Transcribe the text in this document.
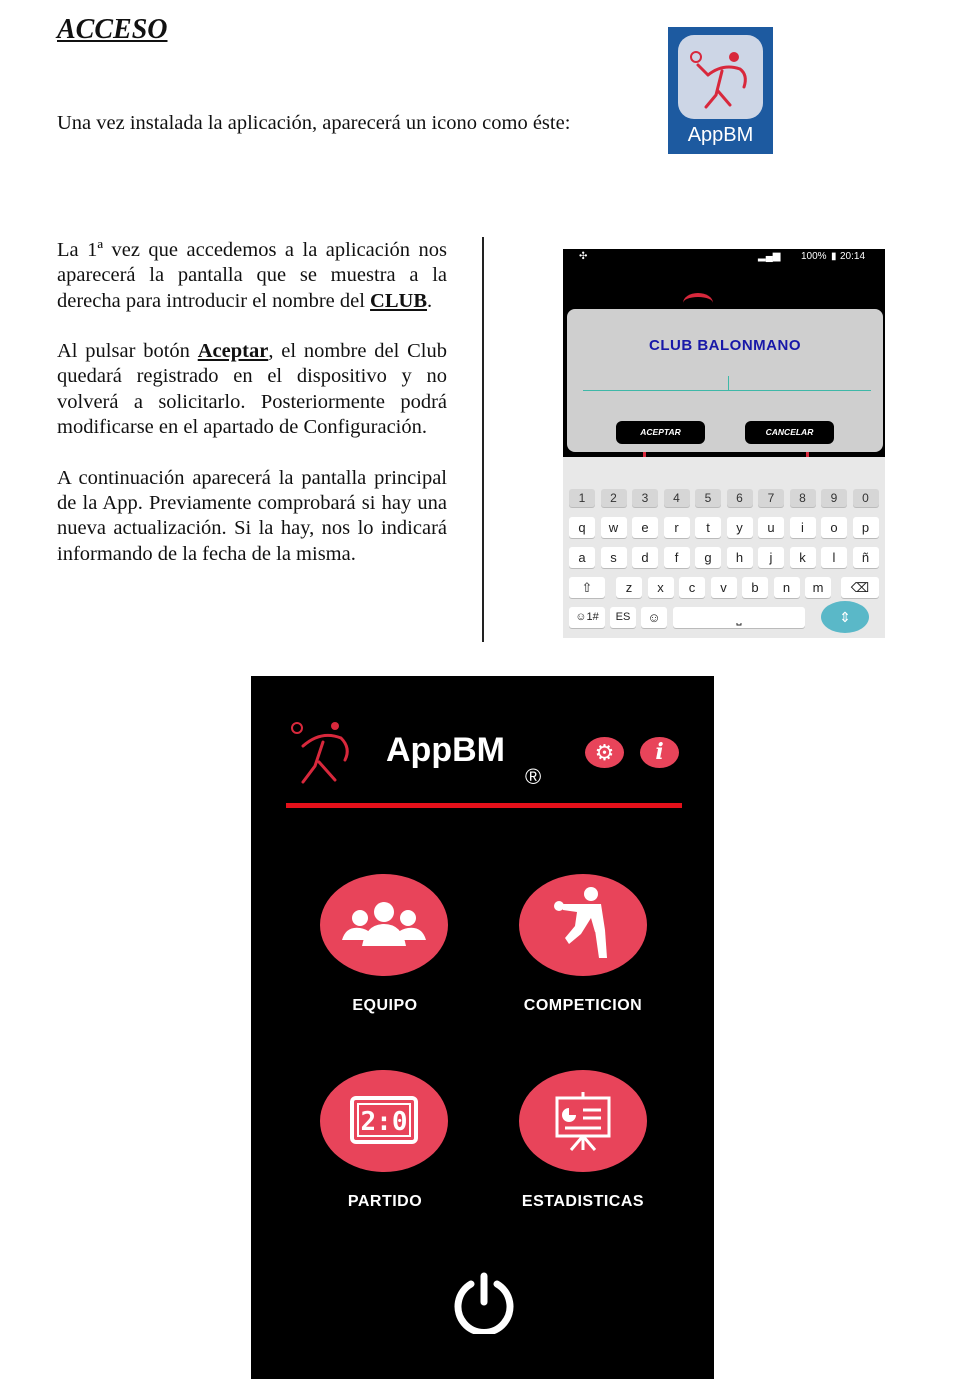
ACCESO
Una vez instalada la aplicación, aparecerá un icono como éste:
AppBM

La 1ª vez que accedemos a la aplicación nos aparecerá la pantalla que se muestra a la derecha para introducir el nombre del CLUB.

Al pulsar botón Aceptar, el nombre del Club quedará registrado en el dispositivo y no volverá a solicitarlo. Posteriormente podrá modificarse en el apartado de Configuración.

A continuación aparecerá la pantalla principal de la App. Previamente comprobará si hay una nueva actualización. Si la hay, nos lo indicará informando de la fecha de la misma.

✣	▂▄▆ 100% ▮ 20:14
CLUB BALONMANO
ACEPTAR	CANCELAR
1	2	3	4	5	6	7	8	9	0
q	w	e	r	t	y	u	i	o	p
a	s	d	f	g	h	j	k	l	ñ
z	x	c	v	b	n	m
⇧	⌫
☺1#	ES	☺	⎵	⇕
AppBM
®
⚙	i
EQUIPO	COMPETICION
2:0
PARTIDO	ESTADISTICAS
